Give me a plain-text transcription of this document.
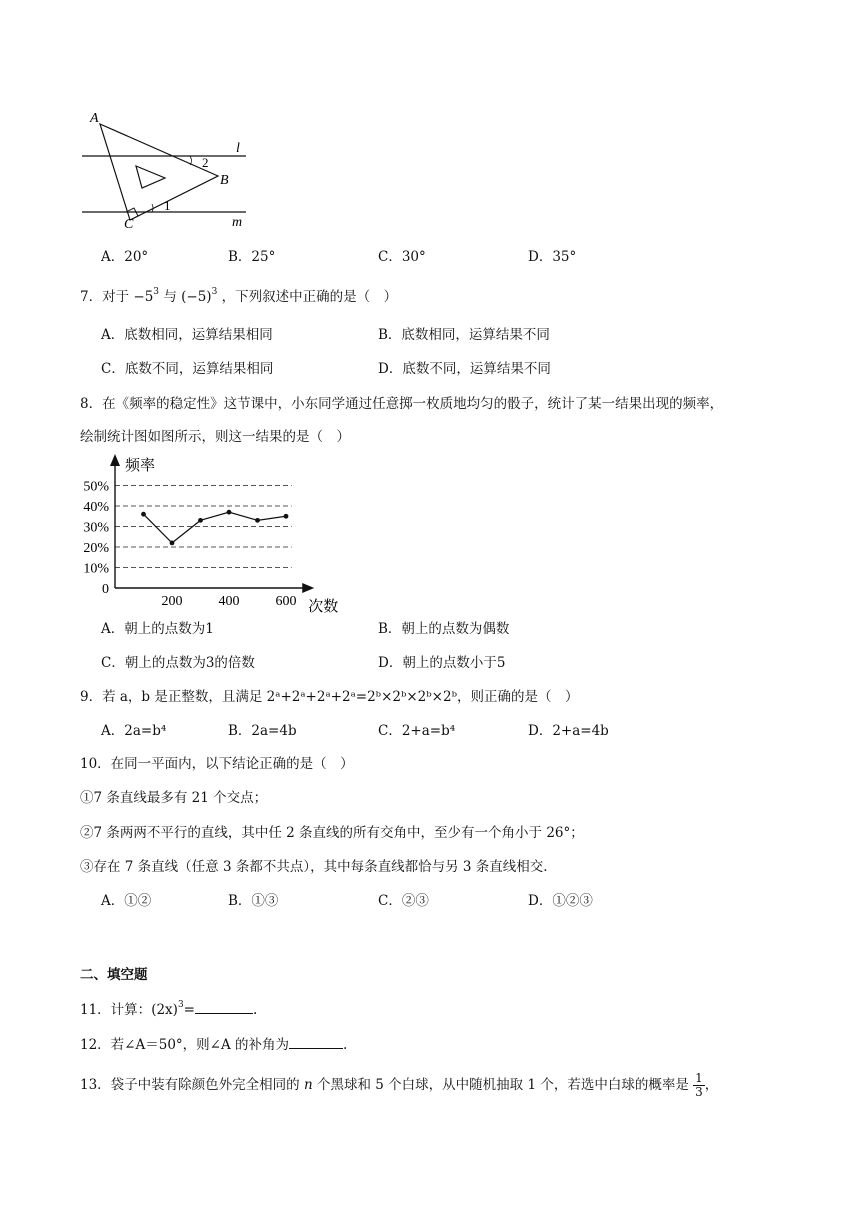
A
B
C
l
m
2
1
A．20°	B．25°	C．30°	D．35°
7．对于 $-5^3$ 与 $(-5)^3$ ，下列叙述中正确的是（　）
A．底数相同，运算结果相同	B．底数相同，运算结果不同
C．底数不同，运算结果相同	D．底数不同，运算结果不同
8．在《频率的稳定性》这节课中，小东同学通过任意掷一枚质地均匀的骰子，统计了某一结果出现的频率，
绘制统计图如图所示，则这一结果的是（　）
0
10%
20%
30%
40%
50%
200	400	600
频率
次数
A．朝上的点数为1	B．朝上的点数为偶数
C．朝上的点数为3的倍数	D．朝上的点数小于5
9．若 a，b 是正整数，且满足 2ᵃ+2ᵃ+2ᵃ+2ᵃ=2ᵇ×2ᵇ×2ᵇ×2ᵇ，则正确的是（　）
A．2a=b⁴	B．2a=4b	C．2+a=b⁴	D．2+a=4b
10．在同一平面内，以下结论正确的是（　）
①7 条直线最多有 21 个交点；
②7 条两两不平行的直线，其中任 2 条直线的所有交角中，至少有一个角小于 26°；
③存在 7 条直线（任意 3 条都不共点），其中每条直线都恰与另 3 条直线相交.
A．①②	B．①③	C．②③	D．①②③
二、填空题
11．计算：$(2x)^3=$	.
12．若∠A＝50°，则∠A 的补角为	.
13．袋子中装有除颜色外完全相同的 n 个黑球和 5 个白球，从中随机抽取 1 个，若选中白球的概率是 $\frac{1}{3}$ ，
